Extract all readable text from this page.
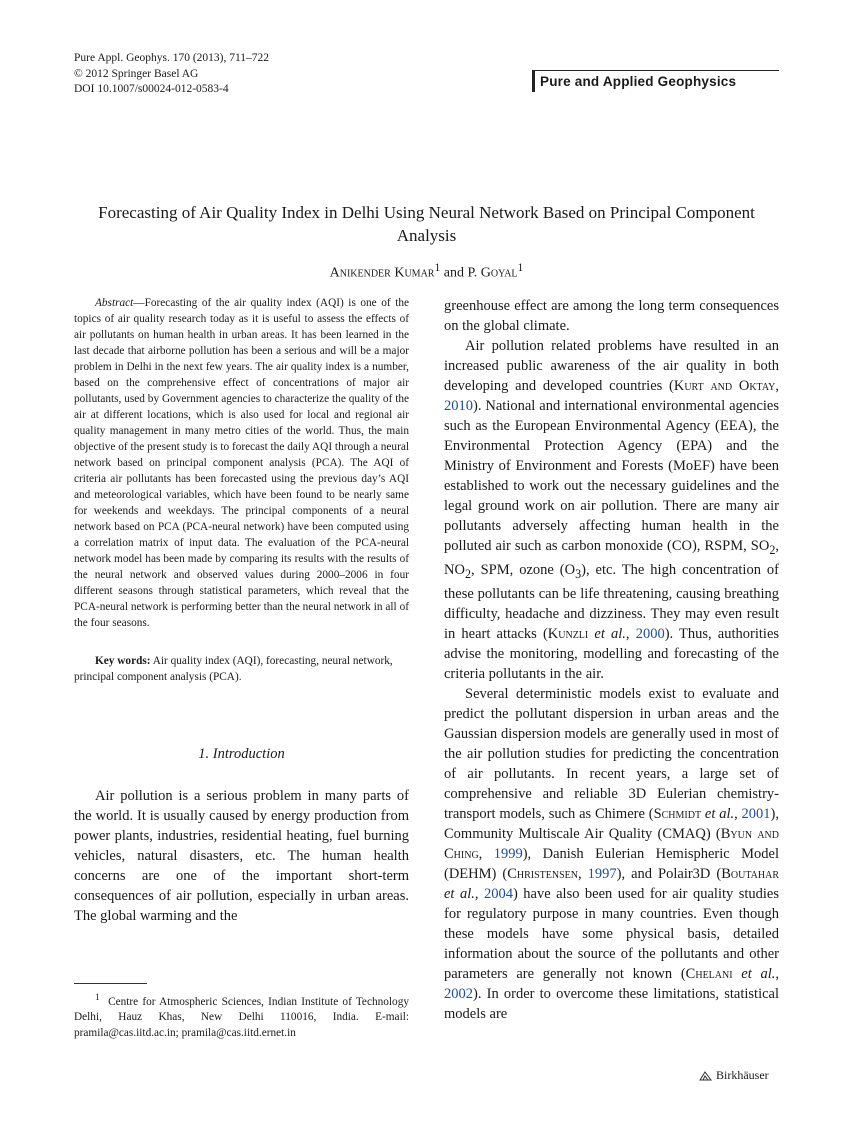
Pure Appl. Geophys. 170 (2013), 711–722
© 2012 Springer Basel AG
DOI 10.1007/s00024-012-0583-4	Pure and Applied Geophysics
Forecasting of Air Quality Index in Delhi Using Neural Network Based on Principal Component Analysis
Anikender Kumar$^1$ and P. Goyal$^1$

Abstract—Forecasting of the air quality index (AQI) is one of the topics of air quality research today as it is useful to assess the effects of air pollutants on human health in urban areas. It has been learned in the last decade that airborne pollution has been a serious and will be a major problem in Delhi in the next few years. The air quality index is a number, based on the comprehensive effect of concentrations of major air pollutants, used by Government agencies to characterize the quality of the air at different locations, which is also used for local and regional air quality management in many metro cities of the world. Thus, the main objective of the present study is to forecast the daily AQI through a neural network based on principal component analysis (PCA). The AQI of criteria air pollutants has been forecasted using the previous day’s AQI and meteorological variables, which have been found to be nearly same for weekends and weekdays. The principal components of a neural network based on PCA (PCA-neural network) have been computed using a correlation matrix of input data. The evaluation of the PCA-neural network model has been made by comparing its results with the results of the neural network and observed values during 2000–2006 in four different seasons through statistical parameters, which reveal that the PCA-neural network is performing better than the neural network in all of the four seasons.

Key words: Air quality index (AQI), forecasting, neural network, principal component analysis (PCA).

1. Introduction

Air pollution is a serious problem in many parts of the world. It is usually caused by energy production from power plants, industries, residential heating, fuel burning vehicles, natural disasters, etc. The human health concerns are one of the important short-term consequences of air pollution, especially in urban areas. The global warming and the

$^1$ Centre for Atmospheric Sciences, Indian Institute of Technology Delhi, Hauz Khas, New Delhi 110016, India. E-mail: pramila@cas.iitd.ac.in; pramila@cas.iitd.ernet.in

greenhouse effect are among the long term consequences on the global climate.

Air pollution related problems have resulted in an increased public awareness of the air quality in both developing and developed countries (Kurt and Oktay, 2010). National and international environmental agencies such as the European Environmental Agency (EEA), the Environmental Protection Agency (EPA) and the Ministry of Environment and Forests (MoEF) have been established to work out the necessary guidelines and the legal ground work on air pollution. There are many air pollutants adversely affecting human health in the polluted air such as carbon monoxide (CO), RSPM, $SO_2$, $NO_2$, SPM, ozone $(O_3)$, etc. The high concentration of these pollutants can be life threatening, causing breathing difficulty, headache and dizziness. They may even result in heart attacks (Kunzli et al., 2000). Thus, authorities advise the monitoring, modelling and forecasting of the criteria pollutants in the air.

Several deterministic models exist to evaluate and predict the pollutant dispersion in urban areas and the Gaussian dispersion models are generally used in most of the air pollution studies for predicting the concentration of air pollutants. In recent years, a large set of comprehensive and reliable 3D Eulerian chemistry-transport models, such as Chimere (Schmidt et al., 2001), Community Multiscale Air Quality (CMAQ) (Byun and Ching, 1999), Danish Eulerian Hemispheric Model (DEHM) (Christensen, 1997), and Polair3D (Boutahar et al., 2004) have also been used for air quality studies for regulatory purpose in many countries. Even though these models have some physical basis, detailed information about the source of the pollutants and other parameters are generally not known (Chelani et al., 2002). In order to overcome these limitations, statistical models are

Birkhäuser
